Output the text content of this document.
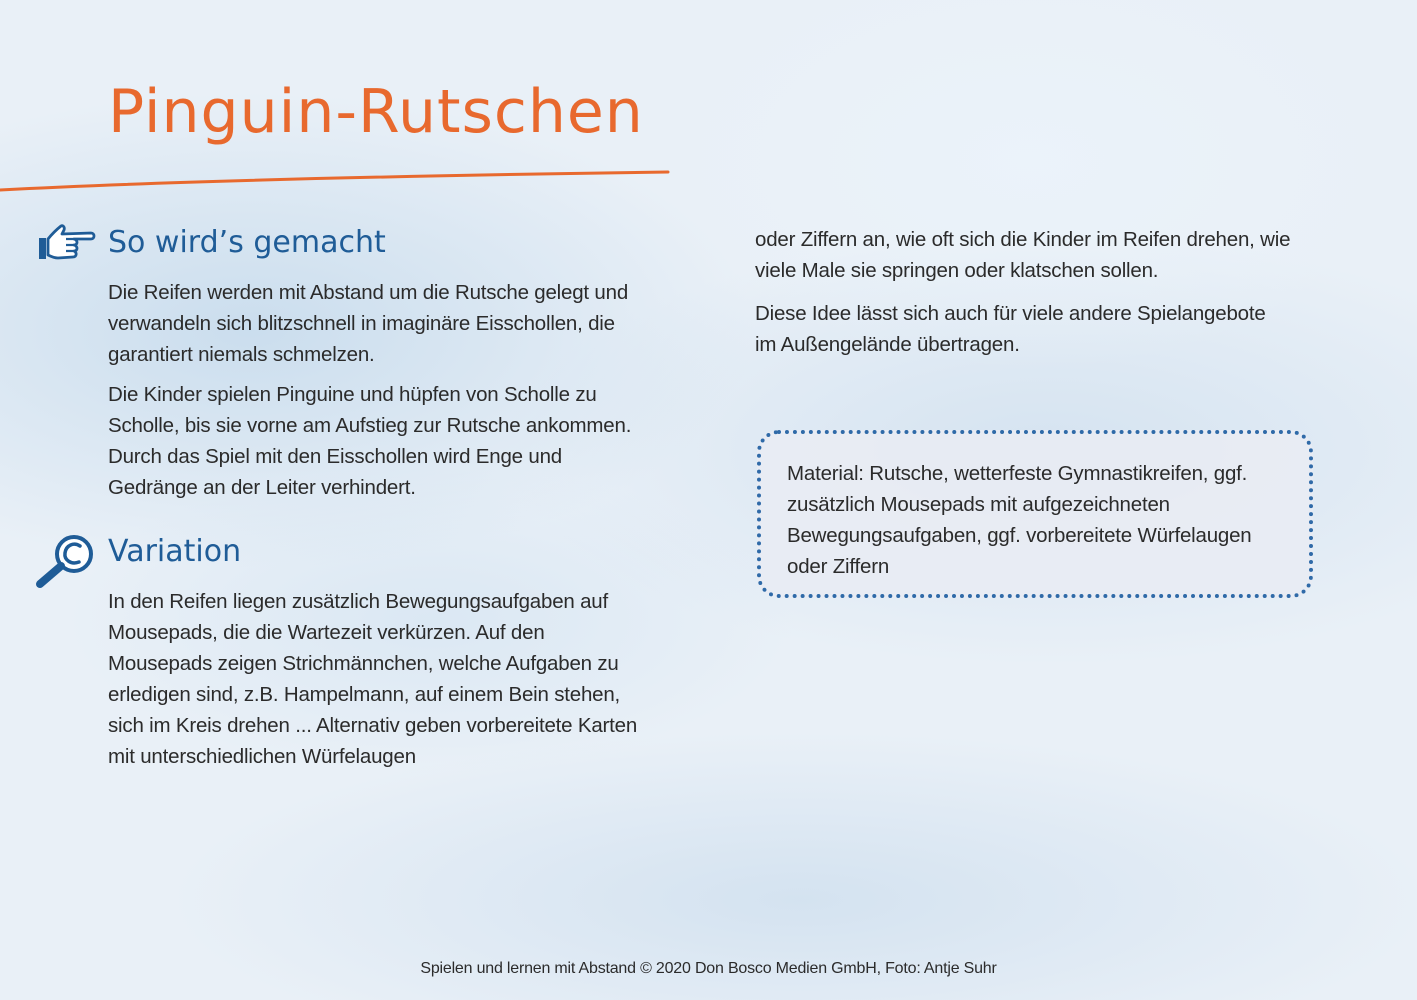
Pinguin-Rutschen
So wird’s gemacht

Die Reifen werden mit Abstand um die Rutsche gelegt und verwandeln sich blitzschnell in imaginäre Eisschollen, die garantiert niemals schmelzen.

Die Kinder spielen Pinguine und hüpfen von Scholle zu Scholle, bis sie vorne am Aufstieg zur Rutsche ankommen. Durch das Spiel mit den Eisschollen wird Enge und Gedränge an der Leiter verhindert.

Variation

In den Reifen liegen zusätzlich Bewegungsaufgaben auf Mousepads, die die Wartezeit verkürzen. Auf den Mousepads zeigen Strichmännchen, welche Aufgaben zu erledigen sind, z.B. Hampelmann, auf einem Bein stehen, sich im Kreis drehen ... Alternativ geben vorbereitete Karten mit unterschiedlichen Würfelaugen

oder Ziffern an, wie oft sich die Kinder im Reifen drehen, wie viele Male sie springen oder klatschen sollen.

Diese Idee lässt sich auch für viele andere Spielangebote im Außengelände übertragen.

Material: Rutsche, wetterfeste Gymnastikreifen, ggf. zusätzlich Mousepads mit aufgezeichneten Bewegungsaufgaben, ggf. vorbereitete Würfelaugen oder Ziffern

Spielen und lernen mit Abstand © 2020 Don Bosco Medien GmbH, Foto: Antje Suhr
